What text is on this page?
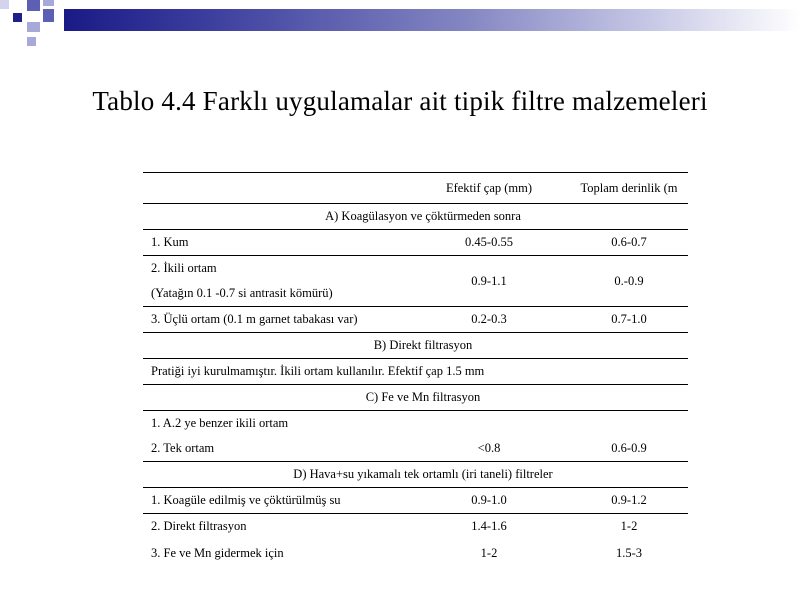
Tablo 4.4 Farklı uygulamalar ait tipik filtre malzemeleri
	Efektif çap (mm)	Toplam derinlik (m
A) Koagülasyon ve çöktürmeden sonra		
1. Kum	0.45-0.55	0.6-0.7

2. İkili ortam
(Yatağın 0.1 -0.7 si antrasit kömürü)	0.9-1.1	0.-0.9
3. Üçlü ortam (0.1 m garnet tabakası var)	0.2-0.3	0.7-1.0
B) Direkt filtrasyon		
Pratiği iyi kurulmamıştır. İkili ortam kullanılır. Efektif çap 1.5 mm		
C) Fe ve Mn filtrasyon		
1. A.2 ye benzer ikili ortam		
2. Tek ortam	<0.8	0.6-0.9
D) Hava+su yıkamalı tek ortamlı (iri taneli) filtreler		
1. Koagüle edilmiş ve çöktürülmüş su	0.9-1.0	0.9-1.2
2. Direkt filtrasyon	1.4-1.6	1-2
3. Fe ve Mn gidermek için	1-2	1.5-3
